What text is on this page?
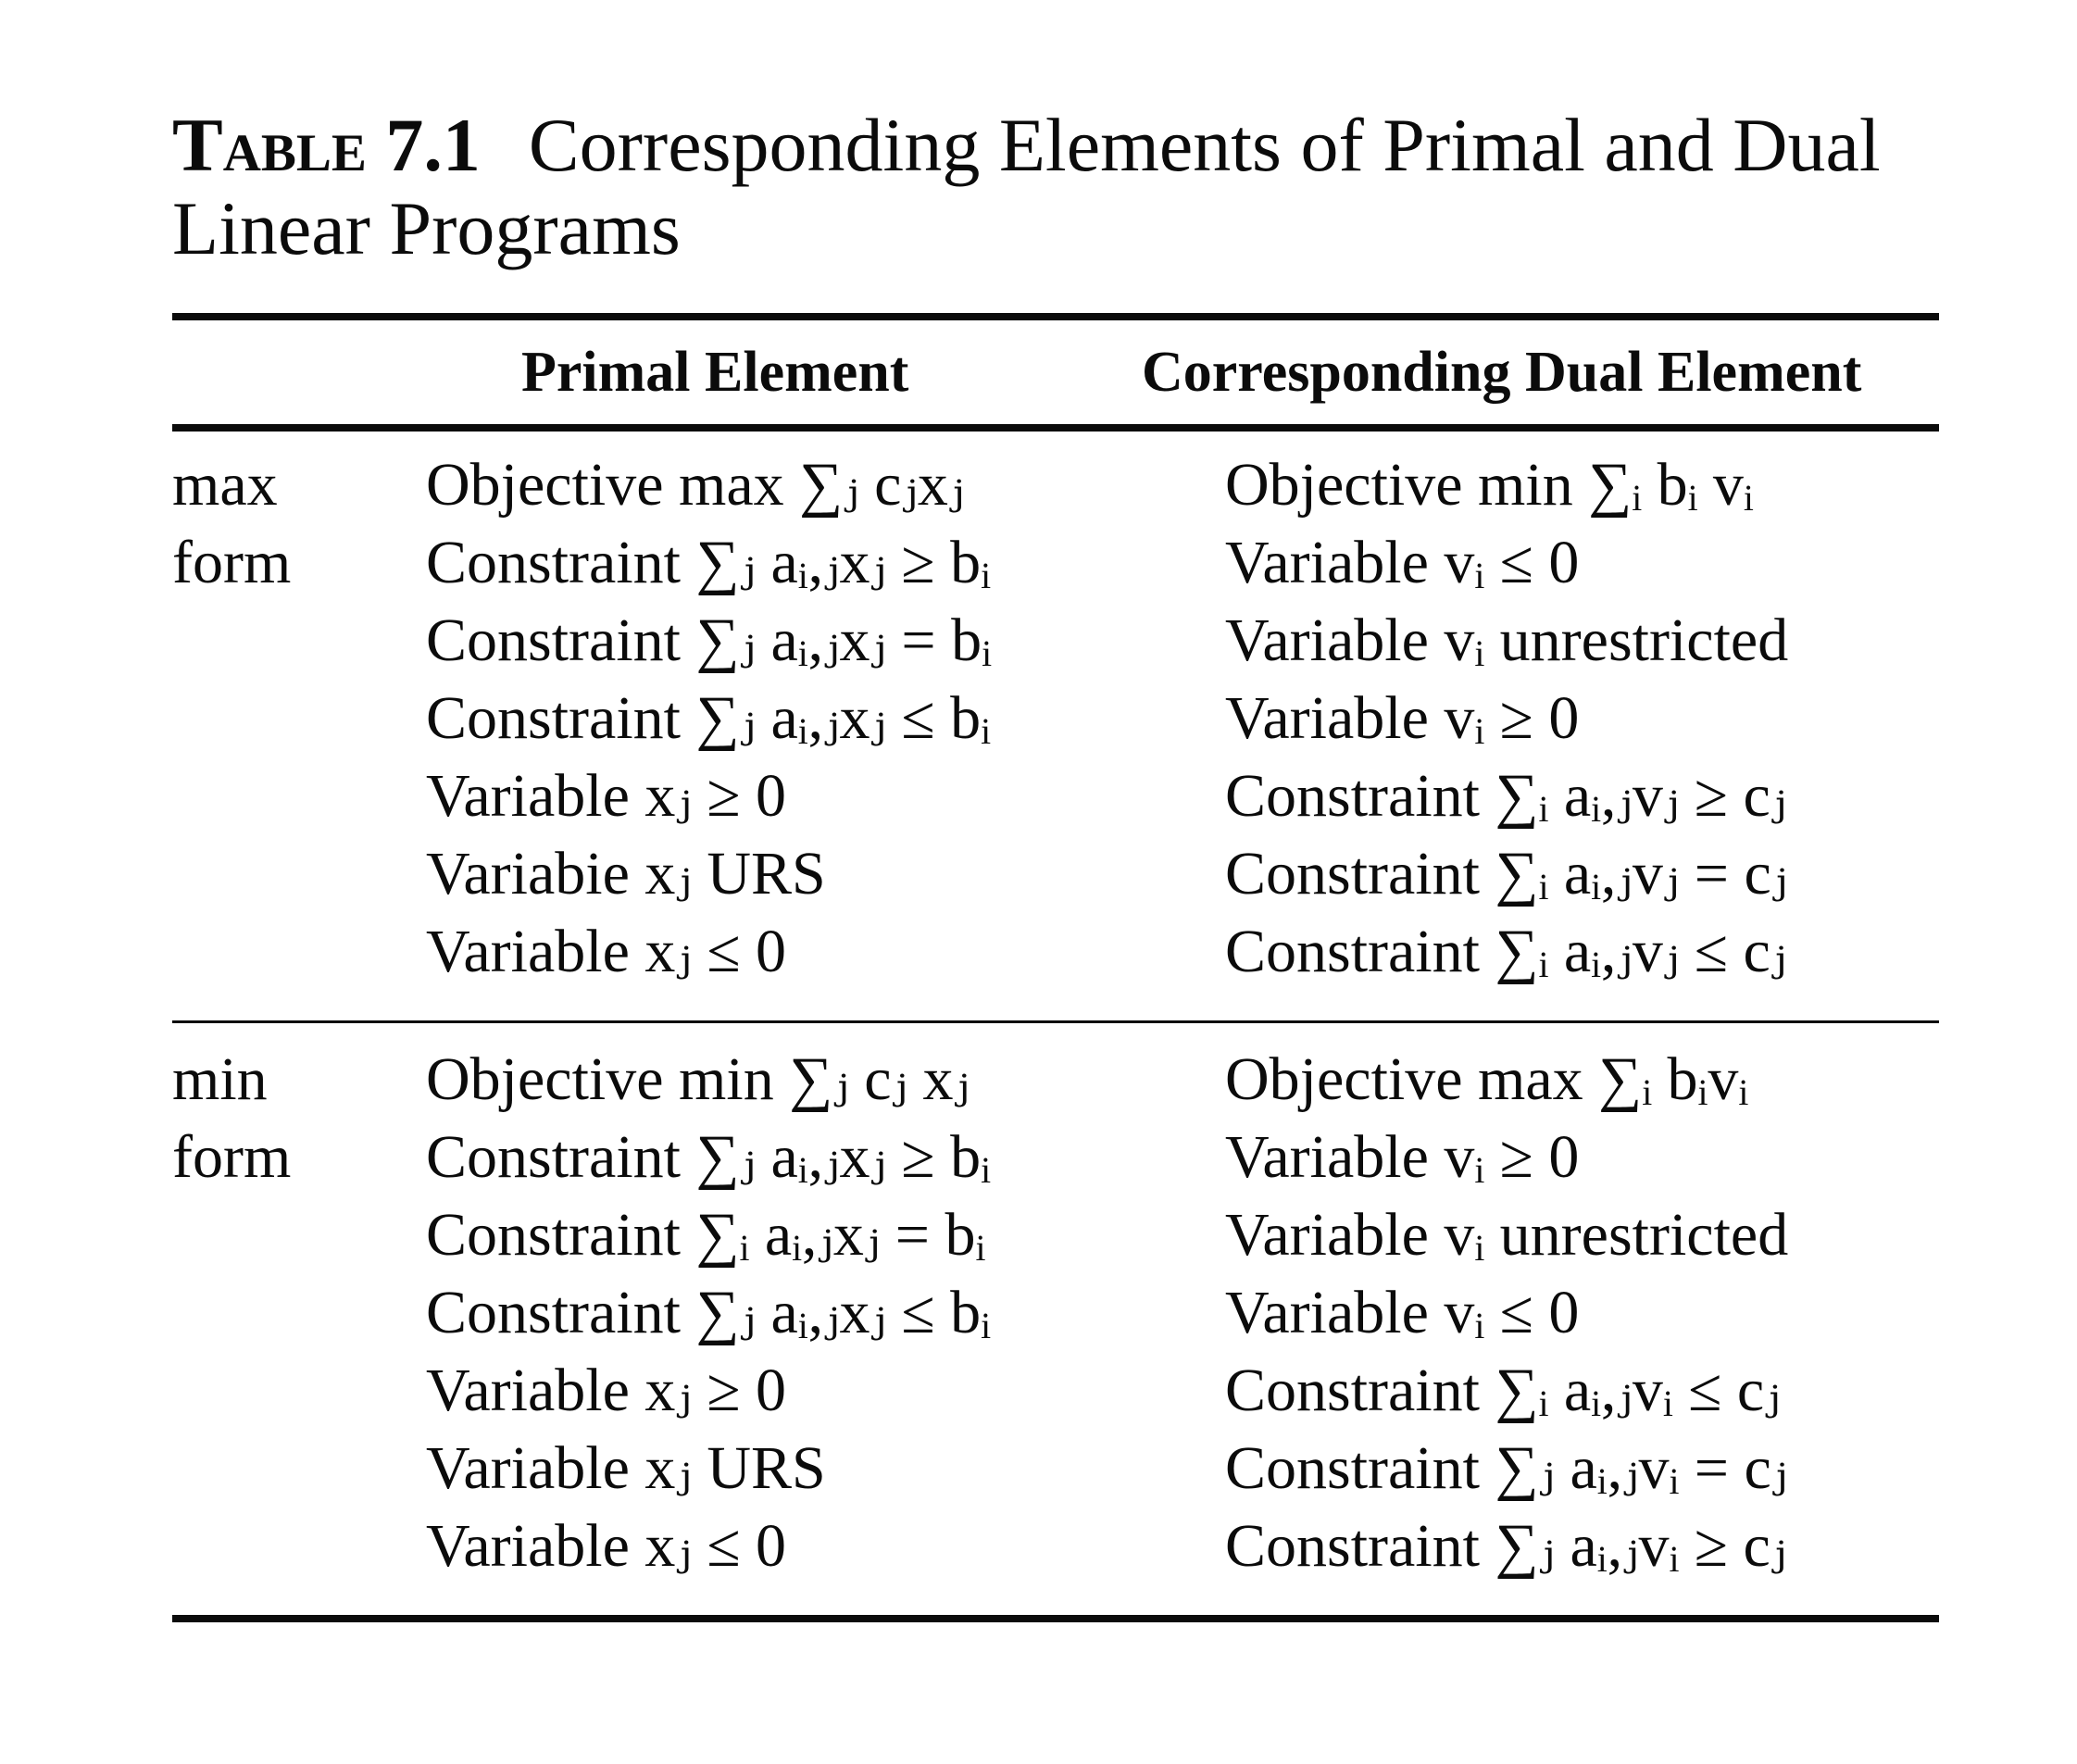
Table 7.1 Corresponding Elements of Primal and Dual Linear Programs
Primal Element	Corresponding Dual Element
max
form
Objective max ∑ⱼ cⱼxⱼ
Constraint ∑ⱼ aᵢ,ⱼxⱼ ≥ bᵢ
Constraint ∑ⱼ aᵢ,ⱼxⱼ = bᵢ
Constraint ∑ⱼ aᵢ,ⱼxⱼ ≤ bᵢ
Variable xⱼ ≥ 0
Variabie xⱼ URS
Variable xⱼ ≤ 0
Objective min ∑ᵢ bᵢ vᵢ
Variable vᵢ ≤ 0
Variable vᵢ unrestricted
Variable vᵢ ≥ 0
Constraint ∑ᵢ aᵢ,ⱼvⱼ ≥ cⱼ
Constraint ∑ᵢ aᵢ,ⱼvⱼ = cⱼ
Constraint ∑ᵢ aᵢ,ⱼvⱼ ≤ cⱼ
min
form
Objective min ∑ⱼ cⱼ xⱼ
Constraint ∑ⱼ aᵢ,ⱼxⱼ ≥ bᵢ
Constraint ∑ᵢ aᵢ,ⱼxⱼ = bᵢ
Constraint ∑ⱼ aᵢ,ⱼxⱼ ≤ bᵢ
Variable xⱼ ≥ 0
Variable xⱼ URS
Variable xⱼ ≤ 0
Objective max ∑ᵢ bᵢvᵢ
Variable vᵢ ≥ 0
Variable vᵢ unrestricted
Variable vᵢ ≤ 0
Constraint ∑ᵢ aᵢ,ⱼvᵢ ≤ cⱼ
Constraint ∑ⱼ aᵢ,ⱼvᵢ = cⱼ
Constraint ∑ⱼ aᵢ,ⱼvᵢ ≥ cⱼ
